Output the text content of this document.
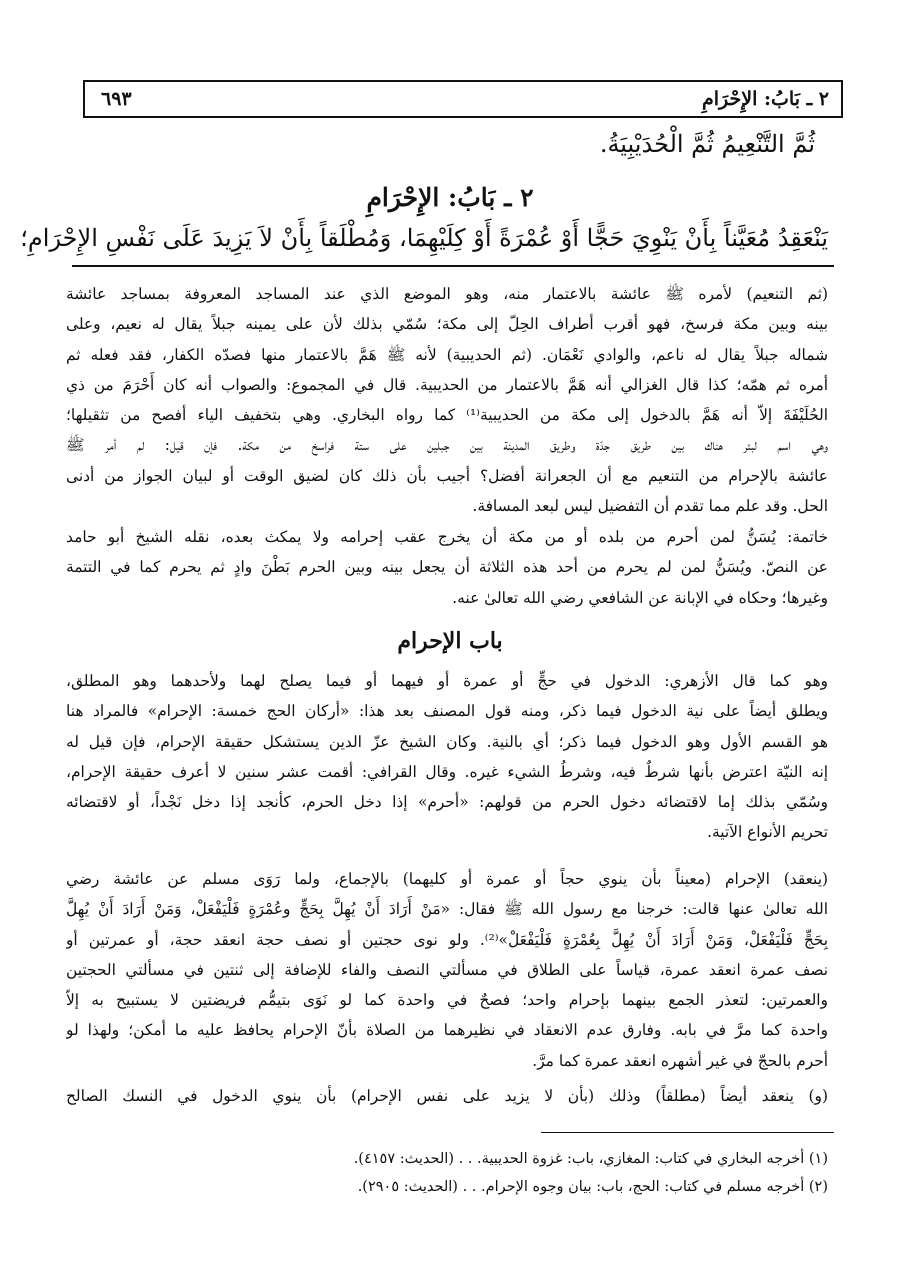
٢ ـ بَابُ: الإِحْرَامِ
٦٩٣
ثُمَّ التَّنْعِيمُ ثُمَّ الْحُدَيْبِيَةُ.
٢ ـ بَابُ: الإِحْرَامِ
يَنْعَقِدُ مُعَيَّناً بِأَنْ يَنْوِيَ حَجًّا أَوْ عُمْرَةً أَوْ كِلَيْهِمَا، وَمُطْلَقاً بِأَنْ لاَ يَزِيدَ عَلَى نَفْسِ الإِحْرَامِ؛
(ثم التنعيم) لأمره ﷺ عائشة بالاعتمار منه، وهو الموضع الذي عند المساجد المعروفة بمساجد عائشة
بينه وبين مكة فرسخ، فهو أقرب أطراف الحِلّ إلى مكة؛ سُمّي بذلك لأن على يمينه جبلاً يقال له نعيم، وعلى
شماله جبلاً يقال له ناعم، والوادي نَعْمَان. (ثم الحديبية) لأنه ﷺ هَمَّ بالاعتمار منها فصدّه الكفار، فقد فعله ثم
أمره ثم همّه؛ كذا قال الغزالي أنه هَمَّ بالاعتمار من الحديبية. قال في المجموع: والصواب أنه كان أَحْرَمَ من ذي
الحُلَيْفَةَ إلاّ أنه هَمَّ بالدخول إلى مكة من الحديبية⁽¹⁾ كما رواه البخاري. وهي بتخفيف الياء أفصح من تثقيلها؛
وهي اسم لبئر هناك بين طريق جدّة وطريق المدينة بين جبلين على ستة فراسخ من مكة. فإن قيل: لم أمر ﷺ
عائشة بالإحرام من التنعيم مع أن الجعرانة أفضل؟ أجيب بأن ذلك كان لضيق الوقت أو لبيان الجواز من أدنى
الحل. وقد علم مما تقدم أن التفضيل ليس لبعد المسافة.
خاتمة: يُسَنُّ لمن أحرم من بلده أو من مكة أن يخرج عقب إحرامه ولا يمكث بعده، نقله الشيخ أبو حامد
عن النصّ. ويُسَنُّ لمن لم يحرم من أحد هذه الثلاثة أن يجعل بينه وبين الحرم بَطْنَ وادٍ ثم يحرم كما في التتمة
وغيرها؛ وحكاه في الإبانة عن الشافعي رضي الله تعالىٰ عنه.
باب الإحرام
وهو كما قال الأزهري: الدخول في حجٍّ أو عمرة أو فيهما أو فيما يصلح لهما ولأحدهما وهو المطلق،
ويطلق أيضاً على نية الدخول فيما ذكر، ومنه قول المصنف بعد هذا: «أركان الحج خمسة: الإحرام» فالمراد هنا
هو القسم الأول وهو الدخول فيما ذكر؛ أي بالنية. وكان الشيخ عزّ الدين يستشكل حقيقة الإحرام، فإن قيل له
إنه النيّة اعترض بأنها شرطٌ فيه، وشرطُ الشيء غيره. وقال القرافي: أقمت عشر سنين لا أعرف حقيقة الإحرام،
وسُمّي بذلك إما لاقتضائه دخول الحرم من قولهم: «أحرم» إذا دخل الحرم، كأنجد إذا دخل نَجْداً، أو لاقتضائه
تحريم الأنواع الآتية.
(ينعقد) الإحرام (معيناً بأن ينوي حجاً أو عمرة أو كليهما) بالإجماع، ولما رَوَى مسلم عن عائشة رضي
الله تعالىٰ عنها قالت: خرجنا مع رسول الله ﷺ فقال: «مَنْ أَرَادَ أَنْ يُهِلَّ بِحَجٍّ وعُمْرَةٍ فَلْيَفْعَلْ، وَمَنْ أَرَادَ أَنْ يُهِلَّ
بِحَجٍّ فَلْيَفْعَلْ، وَمَنْ أَرَادَ أَنْ يُهِلَّ بِعُمْرَةٍ فَلْيَفْعَلْ»⁽²⁾. ولو نوى حجتين أو نصف حجة انعقد حجة، أو عمرتين أو
نصف عمرة انعقد عمرة، قياساً على الطلاق في مسألتي النصف والفاء للإضافة إلى ثنتين في مسألتي الحجتين
والعمرتين: لتعذر الجمع بينهما بإحرام واحد؛ فصحٌ في واحدة كما لو نَوَى بتيمُّم فريضتين لا يستبيح به إلاّ
واحدة كما مرَّ في بابه. وفارق عدم الانعقاد في نظيرهما من الصلاة بأنّ الإحرام يحافظ عليه ما أمكن؛ ولهذا لو
أحرم بالحجّ في غير أشهره انعقد عمرة كما مرَّ.
(و) ينعقد أيضاً (مطلقاً) وذلك (بأن لا يزيد على نفس الإحرام) بأن ينوي الدخول في النسك الصالح
(١) أخرجه البخاري في كتاب: المغازي، باب: غزوة الحديبية. . . (الحديث: ٤١٥٧).
(٢) أخرجه مسلم في كتاب: الحج، باب: بيان وجوه الإحرام. . . (الحديث: ٢٩٠٥).
